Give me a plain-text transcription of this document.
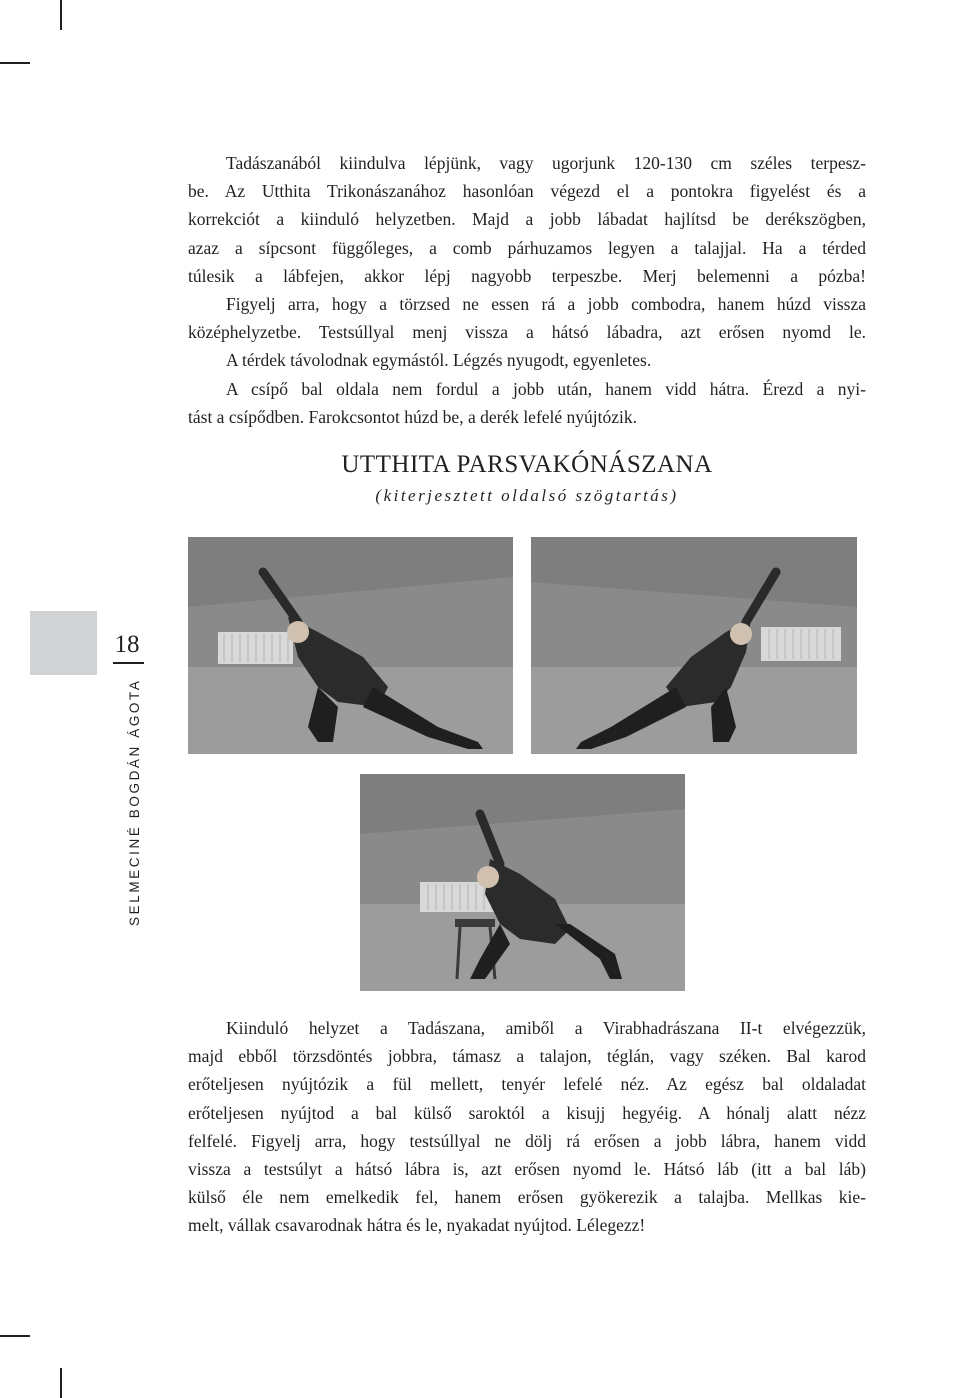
Tadászanából kiindulva lépjünk, vagy ugorjunk 120-130 cm széles terpesz-
be. Az Utthita Trikonászanához hasonlóan végezd el a pontokra figyelést és a
korrekciót a kiinduló helyzetben. Majd a jobb lábadat hajlítsd be derékszögben,
azaz a sípcsont függőleges, a comb párhuzamos legyen a talajjal. Ha a térded
túlesik a lábfejen, akkor lépj nagyobb terpeszbe. Merj belemenni a pózba!
Figyelj arra, hogy a törzsed ne essen rá a jobb combodra, hanem húzd vissza
középhelyzetbe. Testsúllyal menj vissza a hátsó lábadra, azt erősen nyomd le.
A térdek távolodnak egymástól. Légzés nyugodt, egyenletes.
A csípő bal oldala nem fordul a jobb után, hanem vidd hátra. Érezd a nyi-
tást a csípődben. Farokcsontot húzd be, a derék lefelé nyújtózik.

UTTHITA PARSVAKÓNÁSZANA

(kiterjesztett oldalsó szögtartás)

Kiinduló helyzet a Tadászana, amiből a Virabhadrászana II-t elvégezzük,
majd ebből törzsdöntés jobbra, támasz a talajon, téglán, vagy széken. Bal karod
erőteljesen nyújtózik a fül mellett, tenyér lefelé néz. Az egész bal oldaladat
erőteljesen nyújtod a bal külső saroktól a kisujj hegyéig. A hónalj alatt nézz
felfelé. Figyelj arra, hogy testsúllyal ne dölj rá erősen a jobb lábra, hanem vidd
vissza a testsúlyt a hátsó lábra is, azt erősen nyomd le. Hátsó láb (itt a bal láb)
külső éle nem emelkedik fel, hanem erősen gyökerezik a talajba. Mellkas kie-
melt, vállak csavarodnak hátra és le, nyakadat nyújtod. Lélegezz!

18
SELMECINÉ BOGDÁN ÁGOTA
